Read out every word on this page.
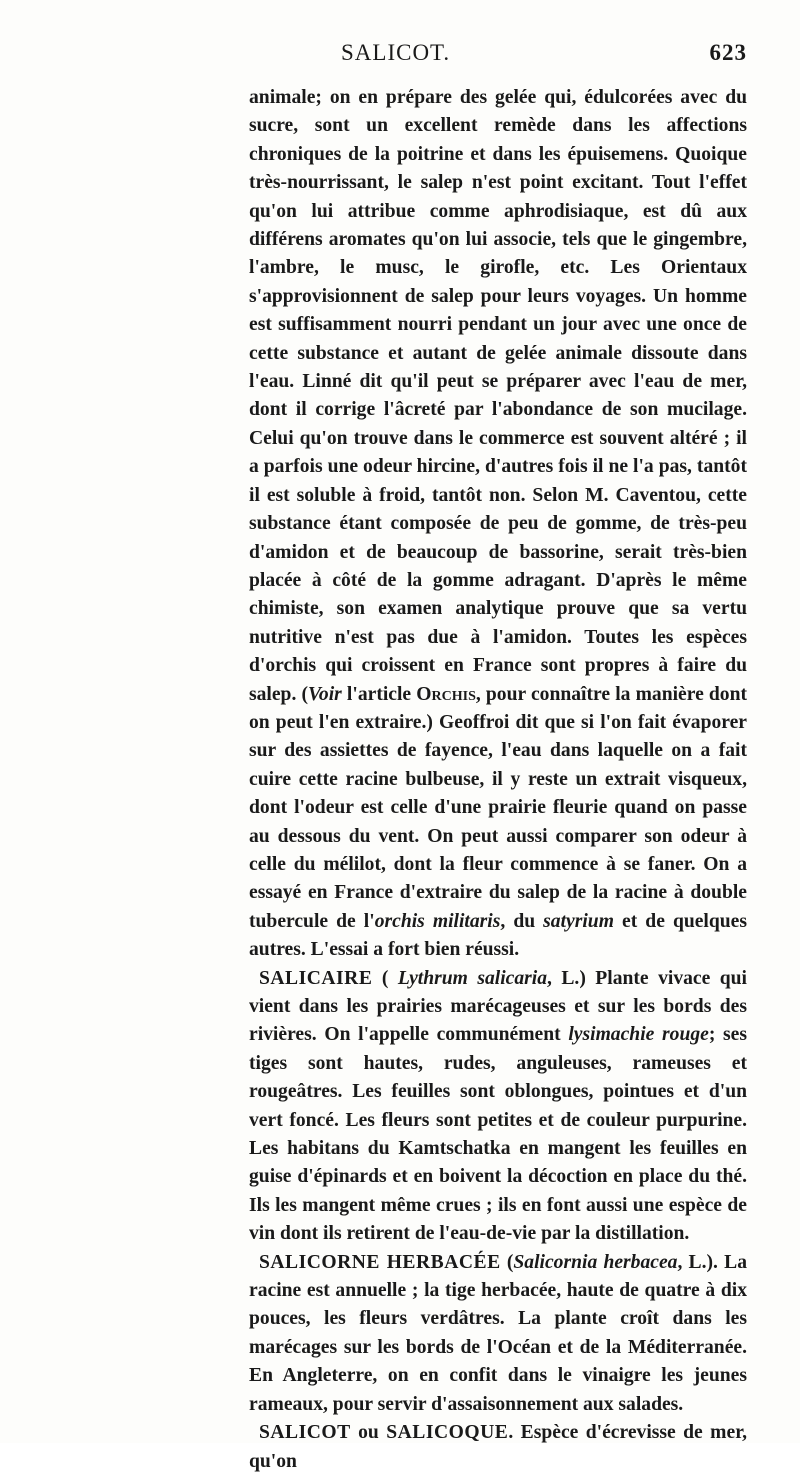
SALICOT.	623

animale; on en prépare des gelée qui, édulcorées avec du sucre, sont un excellent remède dans les affections chroniques de la poitrine et dans les épuisemens. Quoique très-nourrissant, le salep n'est point excitant. Tout l'effet qu'on lui attribue comme aphrodisiaque, est dû aux différens aromates qu'on lui associe, tels que le gingembre, l'ambre, le musc, le girofle, etc. Les Orientaux s'approvisionnent de salep pour leurs voyages. Un homme est suffisamment nourri pendant un jour avec une once de cette substance et autant de gelée animale dissoute dans l'eau. Linné dit qu'il peut se préparer avec l'eau de mer, dont il corrige l'âcreté par l'abondance de son mucilage. Celui qu'on trouve dans le commerce est souvent altéré ; il a parfois une odeur hircine, d'autres fois il ne l'a pas, tantôt il est soluble à froid, tantôt non. Selon M. Caventou, cette substance étant composée de peu de gomme, de très-peu d'amidon et de beaucoup de bassorine, serait très-bien placée à côté de la gomme adragant. D'après le même chimiste, son examen analytique prouve que sa vertu nutritive n'est pas due à l'amidon. Toutes les espèces d'orchis qui croissent en France sont propres à faire du salep. (Voir l'article Orchis, pour connaître la manière dont on peut l'en extraire.) Geoffroi dit que si l'on fait évaporer sur des assiettes de fayence, l'eau dans laquelle on a fait cuire cette racine bulbeuse, il y reste un extrait visqueux, dont l'odeur est celle d'une prairie fleurie quand on passe au dessous du vent. On peut aussi comparer son odeur à celle du mélilot, dont la fleur commence à se faner. On a essayé en France d'extraire du salep de la racine à double tubercule de l'orchis militaris, du satyrium et de quelques autres. L'essai a fort bien réussi.

SALICAIRE ( Lythrum salicaria, L.) Plante vivace qui vient dans les prairies marécageuses et sur les bords des rivières. On l'appelle communément lysimachie rouge; ses tiges sont hautes, rudes, anguleuses, rameuses et rougeâtres. Les feuilles sont oblongues, pointues et d'un vert foncé. Les fleurs sont petites et de couleur purpurine. Les habitans du Kamtschatka en mangent les feuilles en guise d'épinards et en boivent la décoction en place du thé. Ils les mangent même crues ; ils en font aussi une espèce de vin dont ils retirent de l'eau-de-vie par la distillation.

SALICORNE HERBACÉE (Salicornia herbacea, L.). La racine est annuelle ; la tige herbacée, haute de quatre à dix pouces, les fleurs verdâtres. La plante croît dans les marécages sur les bords de l'Océan et de la Méditerranée. En Angleterre, on en confit dans le vinaigre les jeunes rameaux, pour servir d'assaisonnement aux salades.

SALICOT ou SALICOQUE. Espèce d'écrevisse de mer, qu'on
